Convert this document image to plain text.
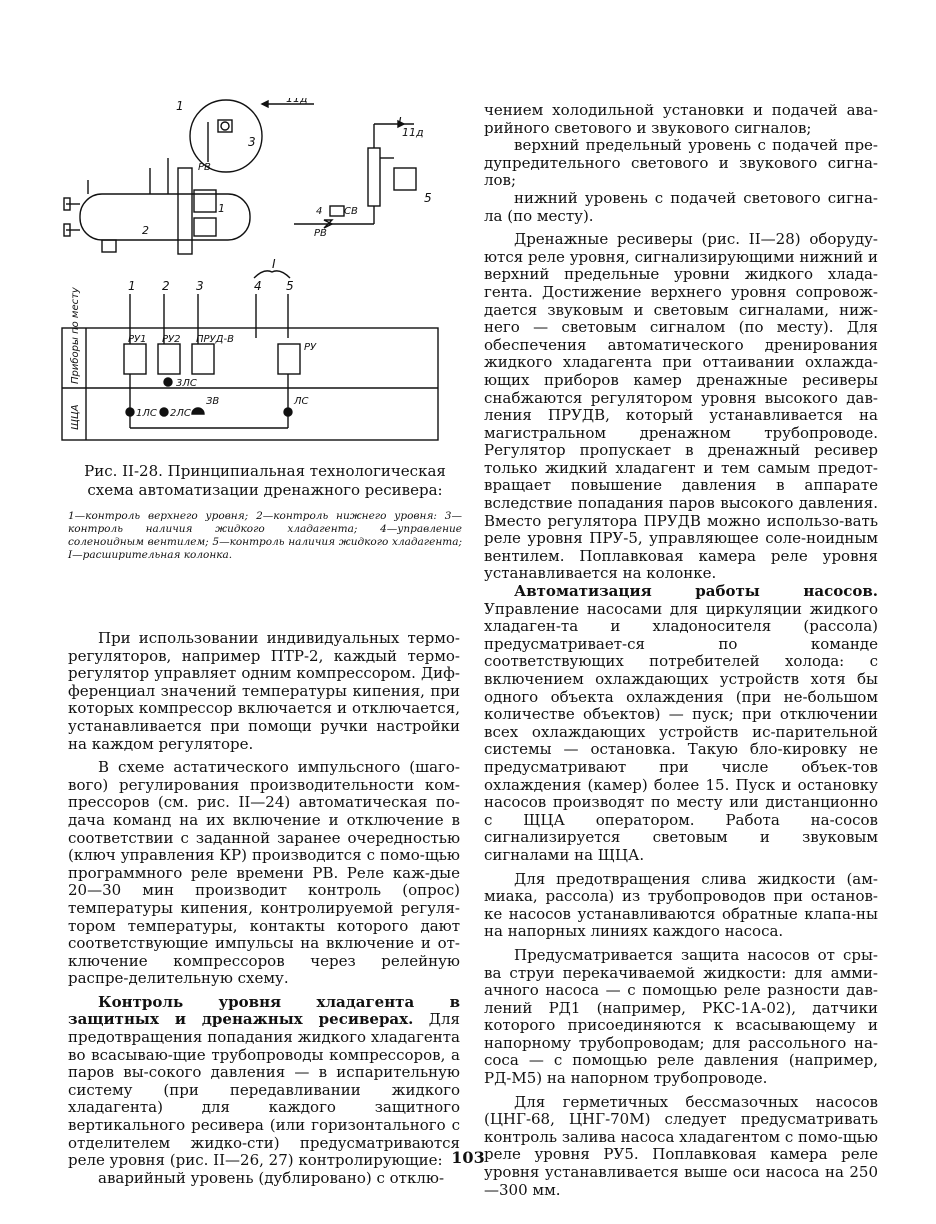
11д
1
3
РВ
1
2
11д
I
5
4 СВ
РВ
1 2 3
I
4 5
Приборы по месту
ЩЦА
РУ1 РУ2 ПРУД-В
РУ
3ЛС
1ЛС 2ЛС
ЗВ	ЛС
Рис. II-28. Принципиальная технологическая схема автоматизации дренажного ресивера:
1—контроль верхнего уровня; 2—контроль нижнего уровня: 3—контроль наличия жидкого хладагента; 4—управление соленоидным вентилем; 5—контроль наличия жидкого хладагента; I—расширительная колонка.

При использовании индивидуальных термо-регуляторов, например ПТР-2, каждый термо-регулятор управляет одним компрессором. Диф-ференциал значений температуры кипения, при которых компрессор включается и отключается, устанавливается при помощи ручки настройки на каждом регуляторе.

В схеме астатического импульсного (шаго-вого) регулирования производительности ком-прессоров (см. рис. II—24) автоматическая по-дача команд на их включение и отключение в соответствии с заданной заранее очередностью (ключ управления КР) производится с помо-щью программного реле времени РВ. Реле каж-дые 20—30 мин производит контроль (опрос) температуры кипения, контролируемой регуля-тором температуры, контакты которого дают соответствующие импульсы на включение и от-ключение компрессоров через релейную распре-делительную схему.

Контроль уровня хладагента в защитных и дренажных ресиверах. Для предотвращения попадания жидкого хладагента во всасываю-щие трубопроводы компрессоров, а паров вы-сокого давления — в испарительную систему (при передавливании жидкого хладагента) для каждого защитного вертикального ресивера (или горизонтального с отделителем жидко-сти) предусматриваются реле уровня (рис. II—26, 27) контролирующие:

аварийный уровень (дублировано) с отклю-

чением холодильной установки и подачей ава-рийного светового и звукового сигналов;

верхний предельный уровень с подачей пре-дупредительного светового и звукового сигна-лов;

нижний уровень с подачей светового сигна-ла (по месту).

Дренажные ресиверы (рис. II—28) оборуду-ются реле уровня, сигнализирующими нижний и верхний предельные уровни жидкого хлада-гента. Достижение верхнего уровня сопровож-дается звуковым и световым сигналами, ниж-него — световым сигналом (по месту). Для обеспечения автоматического дренирования жидкого хладагента при оттаивании охлажда-ющих приборов камер дренажные ресиверы снабжаются регулятором уровня высокого дав-ления ПРУДВ, который устанавливается на магистральном дренажном трубопроводе. Регулятор пропускает в дренажный ресивер только жидкий хладагент и тем самым предот-вращает повышение давления в аппарате вследствие попадания паров высокого давления. Вместо регулятора ПРУДВ можно использо-вать реле уровня ПРУ-5, управляющее соле-ноидным вентилем. Поплавковая камера реле уровня устанавливается на колонке.

Автоматизация работы насосов. Управление насосами для циркуляции жидкого хладаген-та и хладоносителя (рассола) предусматривает-ся по команде соответствующих потребителей холода: с включением охлаждающих устройств хотя бы одного объекта охлаждения (при не-большом количестве объектов) — пуск; при отключении всех охлаждающих устройств ис-парительной системы — остановка. Такую бло-кировку не предусматривают при числе объек-тов охлаждения (камер) более 15. Пуск и остановку насосов производят по месту или дистанционно с ЩЦА оператором. Работа на-сосов сигнализируется световым и звуковым сигналами на ЩЦА.

Для предотвращения слива жидкости (ам-миака, рассола) из трубопроводов при останов-ке насосов устанавливаются обратные клапа-ны на напорных линиях каждого насоса.

Предусматривается защита насосов от сры-ва струи перекачиваемой жидкости: для амми-ачного насоса — с помощью реле разности дав-лений РД1 (например, РКС-1А-02), датчики которого присоединяются к всасывающему и напорному трубопроводам; для рассольного на-соса — с помощью реле давления (например, РД-М5) на напорном трубопроводе.

Для герметичных бессмазочных насосов (ЦНГ-68, ЦНГ-70М) следует предусматривать контроль залива насоса хладагентом с помо-щью реле уровня РУ5. Поплавковая камера реле уровня устанавливается выше оси насоса на 250—300 мм.

103
